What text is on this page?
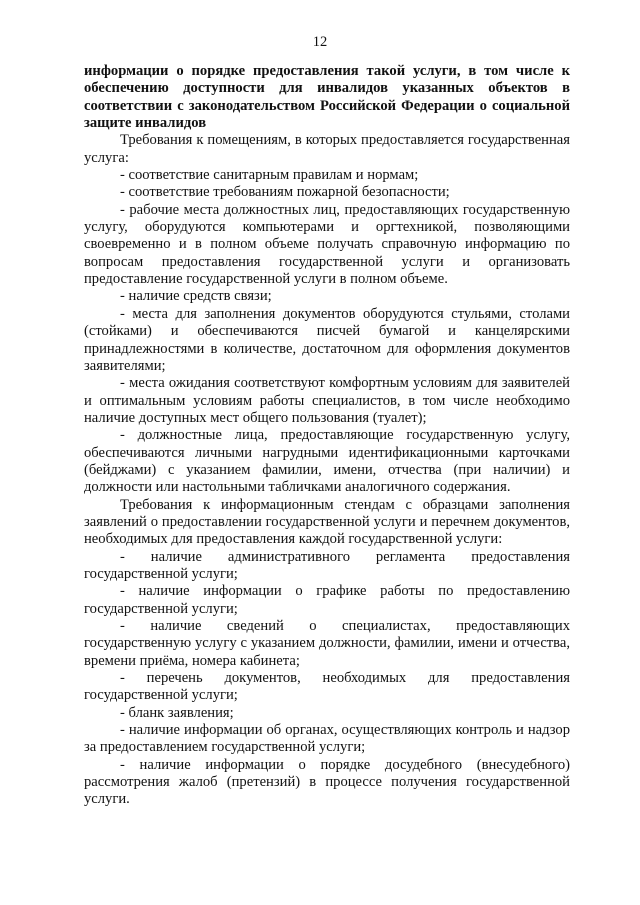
12

информации о порядке предоставления такой услуги, в том числе к обеспечению доступности для инвалидов указанных объектов в соответствии с законодательством Российской Федерации о социальной защите инвалидов

Требования к помещениям, в которых предоставляется государственная услуга:

- соответствие санитарным правилам и нормам;

- соответствие требованиям пожарной безопасности;

- рабочие места должностных лиц, предоставляющих государственную услугу, оборудуются компьютерами и оргтехникой, позволяющими своевременно и в полном объеме получать справочную информацию по вопросам предоставления государственной услуги и организовать предоставление государственной услуги в полном объеме.

- наличие средств связи;

- места для заполнения документов оборудуются стульями, столами (стойками) и обеспечиваются писчей бумагой и канцелярскими принадлежностями в количестве, достаточном для оформления документов заявителями;

- места ожидания соответствуют комфортным условиям для заявителей и оптимальным условиям работы специалистов, в том числе необходимо наличие доступных мест общего пользования (туалет);

- должностные лица, предоставляющие государственную услугу, обеспечиваются личными нагрудными идентификационными карточками (бейджами) с указанием фамилии, имени, отчества (при наличии) и должности или настольными табличками аналогичного содержания.

Требования к информационным стендам с образцами заполнения заявлений о предоставлении государственной услуги и перечнем документов, необходимых для предоставления каждой государственной услуги:

- наличие административного регламента предоставления государственной услуги;

- наличие информации о графике работы по предоставлению государственной услуги;

- наличие сведений о специалистах, предоставляющих государственную услугу с указанием должности, фамилии, имени и отчества, времени приёма, номера кабинета;

- перечень документов, необходимых для предоставления государственной услуги;

- бланк заявления;

- наличие информации об органах, осуществляющих контроль и надзор за предоставлением государственной услуги;

- наличие информации о порядке досудебного (внесудебного) рассмотрения жалоб (претензий) в процессе получения государственной услуги.
